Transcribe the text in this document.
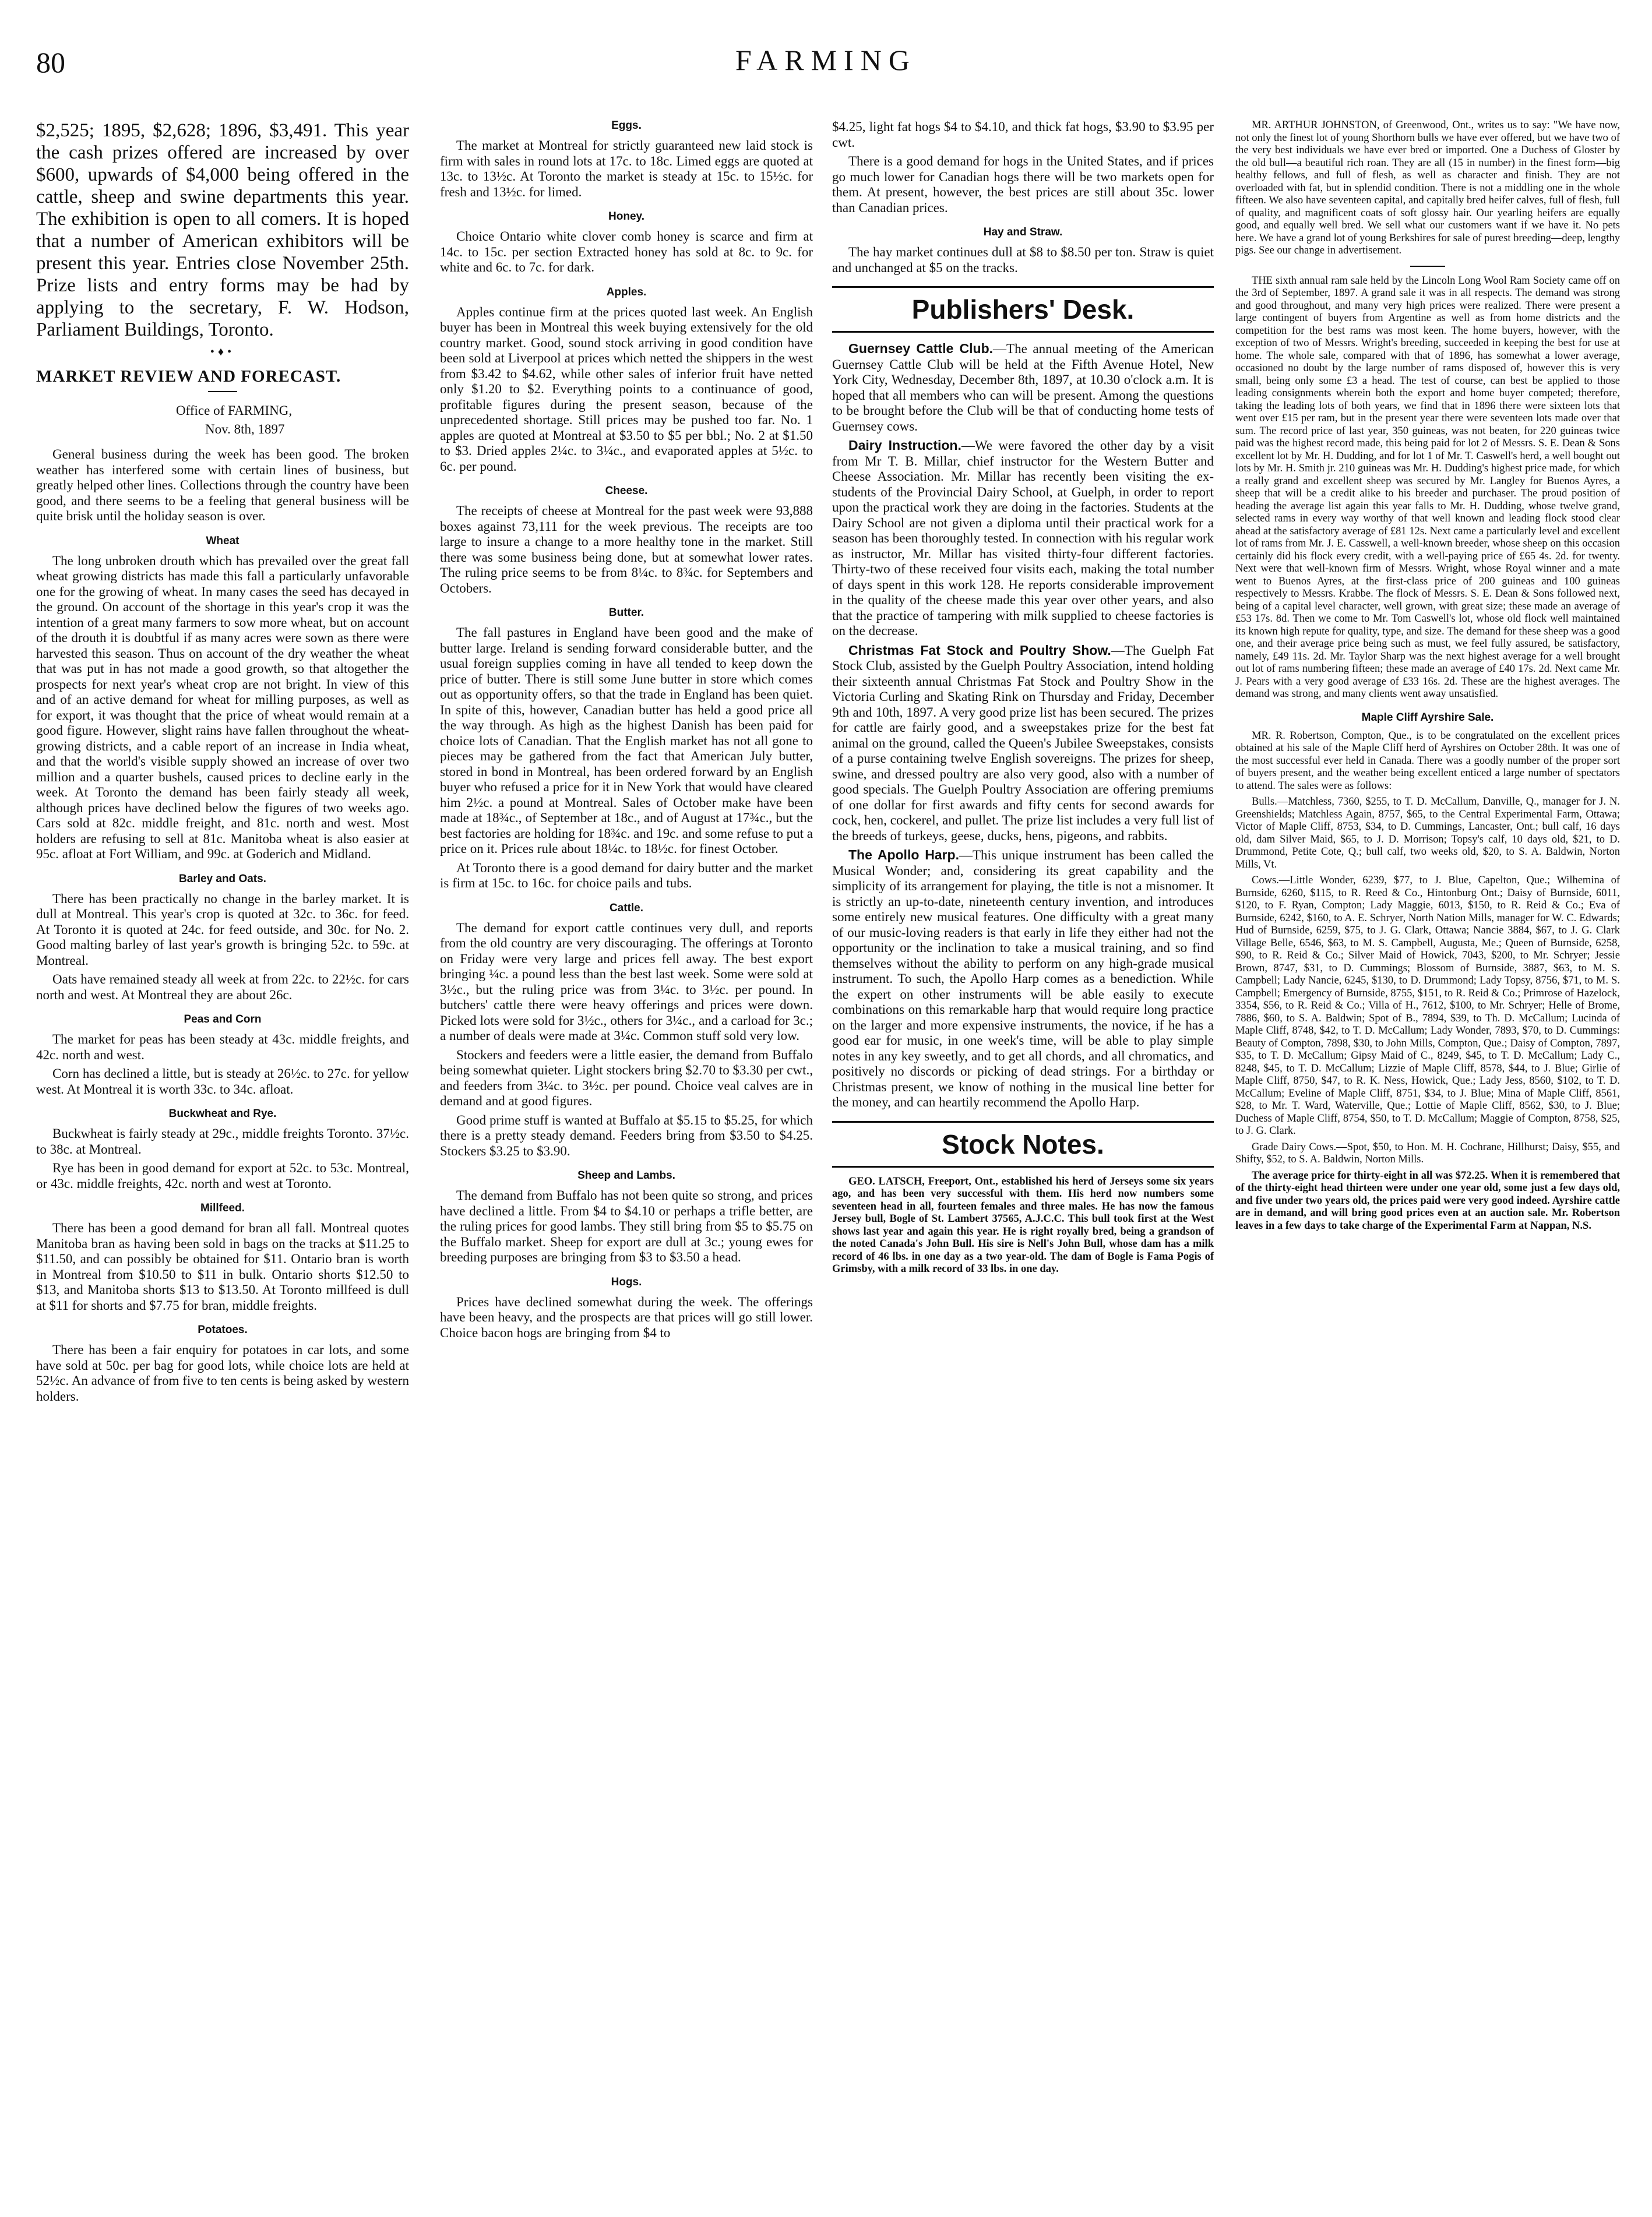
80	FARMING

$2,525; 1895, $2,628; 1896, $3,491. This year the cash prizes offered are increased by over $600, upwards of $4,000 being offered in the cattle, sheep and swine departments this year. The exhibition is open to all comers. It is hoped that a number of American exhibitors will be present this year. Entries close November 25th. Prize lists and entry forms may be had by applying to the secretary, F. W. Hodson, Parliament Buildings, Toronto.

•♦•
MARKET REVIEW AND FORECAST.
Office of FARMING,
Nov. 8th, 1897

General business during the week has been good. The broken weather has interfered some with certain lines of business, but greatly helped other lines. Collections through the country have been good, and there seems to be a feeling that general business will be quite brisk until the holiday season is over.

Wheat

The long unbroken drouth which has prevailed over the great fall wheat growing districts has made this fall a particularly unfavorable one for the growing of wheat. In many cases the seed has decayed in the ground. On account of the shortage in this year's crop it was the intention of a great many farmers to sow more wheat, but on account of the drouth it is doubtful if as many acres were sown as there were harvested this season. Thus on account of the dry weather the wheat that was put in has not made a good growth, so that altogether the prospects for next year's wheat crop are not bright. In view of this and of an active demand for wheat for milling purposes, as well as for export, it was thought that the price of wheat would remain at a good figure. However, slight rains have fallen throughout the wheat-growing districts, and a cable report of an increase in India wheat, and that the world's visible supply showed an increase of over two million and a quarter bushels, caused prices to decline early in the week. At Toronto the demand has been fairly steady all week, although prices have declined below the figures of two weeks ago. Cars sold at 82c. middle freight, and 81c. north and west. Most holders are refusing to sell at 81c. Manitoba wheat is also easier at 95c. afloat at Fort William, and 99c. at Goderich and Midland.

Barley and Oats.

There has been practically no change in the barley market. It is dull at Montreal. This year's crop is quoted at 32c. to 36c. for feed. At Toronto it is quoted at 24c. for feed outside, and 30c. for No. 2. Good malting barley of last year's growth is bringing 52c. to 59c. at Montreal.

Oats have remained steady all week at from 22c. to 22½c. for cars north and west. At Montreal they are about 26c.

Peas and Corn

The market for peas has been steady at 43c. middle freights, and 42c. north and west.

Corn has declined a little, but is steady at 26½c. to 27c. for yellow west. At Montreal it is worth 33c. to 34c. afloat.

Buckwheat and Rye.

Buckwheat is fairly steady at 29c., middle freights Toronto. 37½c. to 38c. at Montreal.

Rye has been in good demand for export at 52c. to 53c. Montreal, or 43c. middle freights, 42c. north and west at Toronto.

Millfeed.

There has been a good demand for bran all fall. Montreal quotes Manitoba bran as having been sold in bags on the tracks at $11.25 to $11.50, and can possibly be obtained for $11. Ontario bran is worth in Montreal from $10.50 to $11 in bulk. Ontario shorts $12.50 to $13, and Manitoba shorts $13 to $13.50. At Toronto millfeed is dull at $11 for shorts and $7.75 for bran, middle freights.

Potatoes.

There has been a fair enquiry for potatoes in car lots, and some have sold at 50c. per bag for good lots, while choice lots are held at 52½c. An advance of from five to ten cents is being asked by western holders.

Eggs.

The market at Montreal for strictly guaranteed new laid stock is firm with sales in round lots at 17c. to 18c. Limed eggs are quoted at 13c. to 13½c. At Toronto the market is steady at 15c. to 15½c. for fresh and 13½c. for limed.

Honey.

Choice Ontario white clover comb honey is scarce and firm at 14c. to 15c. per section Extracted honey has sold at 8c. to 9c. for white and 6c. to 7c. for dark.

Apples.

Apples continue firm at the prices quoted last week. An English buyer has been in Montreal this week buying extensively for the old country market. Good, sound stock arriving in good condition have been sold at Liverpool at prices which netted the shippers in the west from $3.42 to $4.62, while other sales of inferior fruit have netted only $1.20 to $2. Everything points to a continuance of good, profitable figures during the present season, because of the unprecedented shortage. Still prices may be pushed too far. No. 1 apples are quoted at Montreal at $3.50 to $5 per bbl.; No. 2 at $1.50 to $3. Dried apples 2¼c. to 3¼c., and evaporated apples at 5½c. to 6c. per pound.

Cheese.

The receipts of cheese at Montreal for the past week were 93,888 boxes against 73,111 for the week previous. The receipts are too large to insure a change to a more healthy tone in the market. Still there was some business being done, but at somewhat lower rates. The ruling price seems to be from 8¼c. to 8¾c. for Septembers and Octobers.

Butter.

The fall pastures in England have been good and the make of butter large. Ireland is sending forward considerable butter, and the usual foreign supplies coming in have all tended to keep down the price of butter. There is still some June butter in store which comes out as opportunity offers, so that the trade in England has been quiet. In spite of this, however, Canadian butter has held a good price all the way through. As high as the highest Danish has been paid for choice lots of Canadian. That the English market has not all gone to pieces may be gathered from the fact that American July butter, stored in bond in Montreal, has been ordered forward by an English buyer who refused a price for it in New York that would have cleared him 2½c. a pound at Montreal. Sales of October make have been made at 18¾c., of September at 18c., and of August at 17¾c., but the best factories are holding for 18¾c. and 19c. and some refuse to put a price on it. Prices rule about 18¼c. to 18½c. for finest October.

At Toronto there is a good demand for dairy butter and the market is firm at 15c. to 16c. for choice pails and tubs.

Cattle.

The demand for export cattle continues very dull, and reports from the old country are very discouraging. The offerings at Toronto on Friday were very large and prices fell away. The best export bringing ¼c. a pound less than the best last week. Some were sold at 3½c., but the ruling price was from 3¼c. to 3½c. per pound. In butchers' cattle there were heavy offerings and prices were down. Picked lots were sold for 3½c., others for 3¼c., and a carload for 3c.; a number of deals were made at 3¼c. Common stuff sold very low.

Stockers and feeders were a little easier, the demand from Buffalo being somewhat quieter. Light stockers bring $2.70 to $3.30 per cwt., and feeders from 3¼c. to 3½c. per pound. Choice veal calves are in demand and at good figures.

Good prime stuff is wanted at Buffalo at $5.15 to $5.25, for which there is a pretty steady demand. Feeders bring from $3.50 to $4.25. Stockers $3.25 to $3.90.

Sheep and Lambs.

The demand from Buffalo has not been quite so strong, and prices have declined a little. From $4 to $4.10 or perhaps a trifle better, are the ruling prices for good lambs. They still bring from $5 to $5.75 on the Buffalo market. Sheep for export are dull at 3c.; young ewes for breeding purposes are bringing from $3 to $3.50 a head.

Hogs.

Prices have declined somewhat during the week. The offerings have been heavy, and the prospects are that prices will go still lower. Choice bacon hogs are bringing from $4 to

$4.25, light fat hogs $4 to $4.10, and thick fat hogs, $3.90 to $3.95 per cwt.

There is a good demand for hogs in the United States, and if prices go much lower for Canadian hogs there will be two markets open for them. At present, however, the best prices are still about 35c. lower than Canadian prices.

Hay and Straw.

The hay market continues dull at $8 to $8.50 per ton. Straw is quiet and unchanged at $5 on the tracks.

Publishers' Desk.

Guernsey Cattle Club.—The annual meeting of the American Guernsey Cattle Club will be held at the Fifth Avenue Hotel, New York City, Wednesday, December 8th, 1897, at 10.30 o'clock a.m. It is hoped that all members who can will be present. Among the questions to be brought before the Club will be that of conducting home tests of Guernsey cows.

Dairy Instruction.—We were favored the other day by a visit from Mr T. B. Millar, chief instructor for the Western Butter and Cheese Association. Mr. Millar has recently been visiting the ex-students of the Provincial Dairy School, at Guelph, in order to report upon the practical work they are doing in the factories. Students at the Dairy School are not given a diploma until their practical work for a season has been thoroughly tested. In connection with his regular work as instructor, Mr. Millar has visited thirty-four different factories. Thirty-two of these received four visits each, making the total number of days spent in this work 128. He reports considerable improvement in the quality of the cheese made this year over other years, and also that the practice of tampering with milk supplied to cheese factories is on the decrease.

Christmas Fat Stock and Poultry Show.—The Guelph Fat Stock Club, assisted by the Guelph Poultry Association, intend holding their sixteenth annual Christmas Fat Stock and Poultry Show in the Victoria Curling and Skating Rink on Thursday and Friday, December 9th and 10th, 1897. A very good prize list has been secured. The prizes for cattle are fairly good, and a sweepstakes prize for the best fat animal on the ground, called the Queen's Jubilee Sweepstakes, consists of a purse containing twelve English sovereigns. The prizes for sheep, swine, and dressed poultry are also very good, also with a number of good specials. The Guelph Poultry Association are offering premiums of one dollar for first awards and fifty cents for second awards for cock, hen, cockerel, and pullet. The prize list includes a very full list of the breeds of turkeys, geese, ducks, hens, pigeons, and rabbits.

The Apollo Harp.—This unique instrument has been called the Musical Wonder; and, considering its great capability and the simplicity of its arrangement for playing, the title is not a misnomer. It is strictly an up-to-date, nineteenth century invention, and introduces some entirely new musical features. One difficulty with a great many of our music-loving readers is that early in life they either had not the opportunity or the inclination to take a musical training, and so find themselves without the ability to perform on any high-grade musical instrument. To such, the Apollo Harp comes as a benediction. While the expert on other instruments will be able easily to execute combinations on this remarkable harp that would require long practice on the larger and more expensive instruments, the novice, if he has a good ear for music, in one week's time, will be able to play simple notes in any key sweetly, and to get all chords, and all chromatics, and positively no discords or picking of dead strings. For a birthday or Christmas present, we know of nothing in the musical line better for the money, and can heartily recommend the Apollo Harp.

Stock Notes.

GEO. LATSCH, Freeport, Ont., established his herd of Jerseys some six years ago, and has been very successful with them. His herd now numbers some seventeen head in all, fourteen females and three males. He has now the famous Jersey bull, Bogle of St. Lambert 37565, A.J.C.C. This bull took first at the West shows last year and again this year. He is right royally bred, being a grandson of the noted Canada's John Bull. His sire is Nell's John Bull, whose dam has a milk record of 46 lbs. in one day as a two year-old. The dam of Bogle is Fama Pogis of Grimsby, with a milk record of 33 lbs. in one day.

MR. ARTHUR JOHNSTON, of Greenwood, Ont., writes us to say: "We have now, not only the finest lot of young Shorthorn bulls we have ever offered, but we have two of the very best individuals we have ever bred or imported. One a Duchess of Gloster by the old bull—a beautiful rich roan. They are all (15 in number) in the finest form—big healthy fellows, and full of flesh, as well as character and finish. They are not overloaded with fat, but in splendid condition. There is not a middling one in the whole fifteen. We also have seventeen capital, and capitally bred heifer calves, full of flesh, full of quality, and magnificent coats of soft glossy hair. Our yearling heifers are equally good, and equally well bred. We sell what our customers want if we have it. No pets here. We have a grand lot of young Berkshires for sale of purest breeding—deep, lengthy pigs. See our change in advertisement.

THE sixth annual ram sale held by the Lincoln Long Wool Ram Society came off on the 3rd of September, 1897. A grand sale it was in all respects. The demand was strong and good throughout, and many very high prices were realized. There were present a large contingent of buyers from Argentine as well as from home districts and the competition for the best rams was most keen. The home buyers, however, with the exception of two of Messrs. Wright's breeding, succeeded in keeping the best for use at home. The whole sale, compared with that of 1896, has somewhat a lower average, occasioned no doubt by the large number of rams disposed of, however this is very small, being only some £3 a head. The test of course, can best be applied to those leading consignments wherein both the export and home buyer competed; therefore, taking the leading lots of both years, we find that in 1896 there were sixteen lots that went over £15 per ram, but in the present year there were seventeen lots made over that sum. The record price of last year, 350 guineas, was not beaten, for 220 guineas twice paid was the highest record made, this being paid for lot 2 of Messrs. S. E. Dean & Sons excellent lot by Mr. H. Dudding, and for lot 1 of Mr. T. Caswell's herd, a well bought out lots by Mr. H. Smith jr. 210 guineas was Mr. H. Dudding's highest price made, for which a really grand and excellent sheep was secured by Mr. Langley for Buenos Ayres, a sheep that will be a credit alike to his breeder and purchaser. The proud position of heading the average list again this year falls to Mr. H. Dudding, whose twelve grand, selected rams in every way worthy of that well known and leading flock stood clear ahead at the satisfactory average of £81 12s. Next came a particularly level and excellent lot of rams from Mr. J. E. Casswell, a well-known breeder, whose sheep on this occasion certainly did his flock every credit, with a well-paying price of £65 4s. 2d. for twenty. Next were that well-known firm of Messrs. Wright, whose Royal winner and a mate went to Buenos Ayres, at the first-class price of 200 guineas and 100 guineas respectively to Messrs. Krabbe. The flock of Messrs. S. E. Dean & Sons followed next, being of a capital level character, well grown, with great size; these made an average of £53 17s. 8d. Then we come to Mr. Tom Caswell's lot, whose old flock well maintained its known high repute for quality, type, and size. The demand for these sheep was a good one, and their average price being such as must, we feel fully assured, be satisfactory, namely, £49 11s. 2d. Mr. Taylor Sharp was the next highest average for a well brought out lot of rams numbering fifteen; these made an average of £40 17s. 2d. Next came Mr. J. Pears with a very good average of £33 16s. 2d. These are the highest averages. The demand was strong, and many clients went away unsatisfied.

Maple Cliff Ayrshire Sale.

MR. R. Robertson, Compton, Que., is to be congratulated on the excellent prices obtained at his sale of the Maple Cliff herd of Ayrshires on October 28th. It was one of the most successful ever held in Canada. There was a goodly number of the proper sort of buyers present, and the weather being excellent enticed a large number of spectators to attend. The sales were as follows:

Bulls.—Matchless, 7360, $255, to T. D. McCallum, Danville, Q., manager for J. N. Greenshields; Matchless Again, 8757, $65, to the Central Experimental Farm, Ottawa; Victor of Maple Cliff, 8753, $34, to D. Cummings, Lancaster, Ont.; bull calf, 16 days old, dam Silver Maid, $65, to J. D. Morrison; Topsy's calf, 10 days old, $21, to D. Drummond, Petite Cote, Q.; bull calf, two weeks old, $20, to S. A. Baldwin, Norton Mills, Vt.

Cows.—Little Wonder, 6239, $77, to J. Blue, Capelton, Que.; Wilhemina of Burnside, 6260, $115, to R. Reed & Co., Hintonburg Ont.; Daisy of Burnside, 6011, $120, to F. Ryan, Compton; Lady Maggie, 6013, $150, to R. Reid & Co.; Eva of Burnside, 6242, $160, to A. E. Schryer, North Nation Mills, manager for W. C. Edwards; Hud of Burnside, 6259, $75, to J. G. Clark, Ottawa; Nancie 3884, $67, to J. G. Clark Village Belle, 6546, $63, to M. S. Campbell, Augusta, Me.; Queen of Burnside, 6258, $90, to R. Reid & Co.; Silver Maid of Howick, 7043, $200, to Mr. Schryer; Jessie Brown, 8747, $31, to D. Cummings; Blossom of Burnside, 3887, $63, to M. S. Campbell; Lady Nancie, 6245, $130, to D. Drummond; Lady Topsy, 8756, $71, to M. S. Campbell; Emergency of Burnside, 8755, $151, to R. Reid & Co.; Primrose of Hazelock, 3354, $56, to R. Reid & Co.; Villa of H., 7612, $100, to Mr. Schryer; Helle of Brome, 7886, $60, to S. A. Baldwin; Spot of B., 7894, $39, to Th. D. McCallum; Lucinda of Maple Cliff, 8748, $42, to T. D. McCallum; Lady Wonder, 7893, $70, to D. Cummings: Beauty of Compton, 7898, $30, to John Mills, Compton, Que.; Daisy of Compton, 7897, $35, to T. D. McCallum; Gipsy Maid of C., 8249, $45, to T. D. McCallum; Lady C., 8248, $45, to T. D. McCallum; Lizzie of Maple Cliff, 8578, $44, to J. Blue; Girlie of Maple Cliff, 8750, $47, to R. K. Ness, Howick, Que.; Lady Jess, 8560, $102, to T. D. McCallum; Eveline of Maple Cliff, 8751, $34, to J. Blue; Mina of Maple Cliff, 8561, $28, to Mr. T. Ward, Waterville, Que.; Lottie of Maple Cliff, 8562, $30, to J. Blue; Duchess of Maple Cliff, 8754, $50, to T. D. McCallum; Maggie of Compton, 8758, $25, to J. G. Clark.

Grade Dairy Cows.—Spot, $50, to Hon. M. H. Cochrane, Hillhurst; Daisy, $55, and Shifty, $52, to S. A. Baldwin, Norton Mills.

The average price for thirty-eight in all was $72.25. When it is remembered that of the thirty-eight head thirteen were under one year old, some just a few days old, and five under two years old, the prices paid were very good indeed. Ayrshire cattle are in demand, and will bring good prices even at an auction sale. Mr. Robertson leaves in a few days to take charge of the Experimental Farm at Nappan, N.S.
